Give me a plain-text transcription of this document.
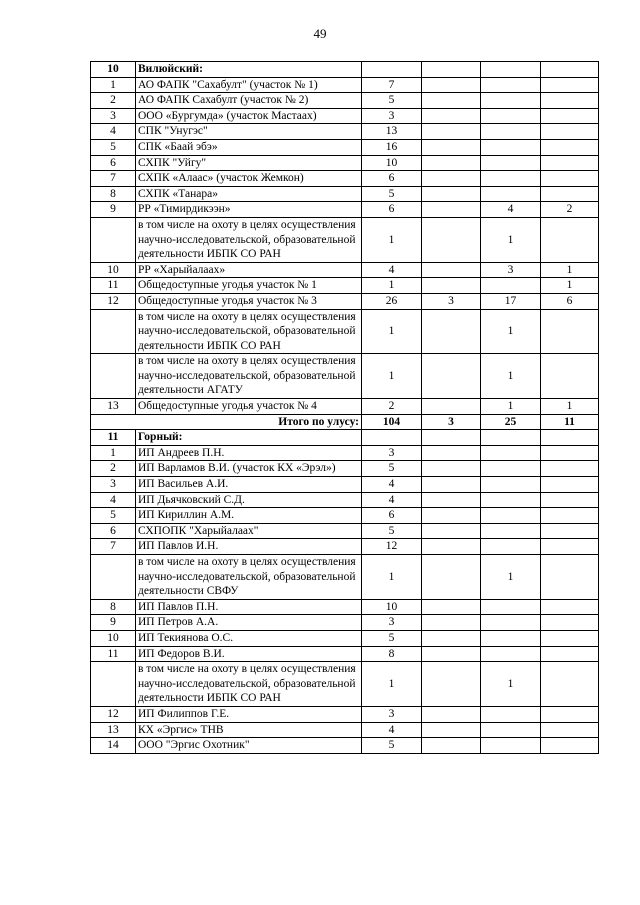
49
10	Вилюйский:				
1	АО ФАПК "Сахабулт" (участок № 1)	7			
2	АО ФАПК Сахабулт (участок № 2)	5			
3	ООО «Бургумда» (участок Мастаах)	3			
4	СПК "Унугэс"	13			
5	СПК «Баай эбэ»	16			
6	СХПК "Уйгу"	10			
7	СХПК «Алаас» (участок Жемкон)	6			
8	СХПК «Танара»	5			
9	РР «Тимирдикээн»	6		4	2
	в том числе на охоту в целях осуществления научно-исследовательской, образовательной деятельности ИБПК СО РАН	1		1	
10	РР «Харыйалаах»	4		3	1
11	Общедоступные угодья участок № 1	1			1
12	Общедоступные угодья участок № 3	26	3	17	6
	в том числе на охоту в целях осуществления научно-исследовательской, образовательной деятельности ИБПК СО РАН	1		1	
	в том числе на охоту в целях осуществления научно-исследовательской, образовательной деятельности АГАТУ	1		1	
13	Общедоступные угодья участок № 4	2		1	1
Итого по улусу:		104	3	25	11
11	Горный:				
1	ИП Андреев П.Н.	3			
2	ИП Варламов В.И. (участок КХ «Эрэл»)	5			
3	ИП Васильев А.И.	4			
4	ИП Дьячковский С.Д.	4			
5	ИП Кириллин А.М.	6			
6	СХПОПК "Харыйалаах"	5			
7	ИП Павлов И.Н.	12			
	в том числе на охоту в целях осуществления научно-исследовательской, образовательной деятельности СВФУ	1		1	
8	ИП Павлов П.Н.	10			
9	ИП Петров А.А.	3			
10	ИП Текиянова О.С.	5			
11	ИП Федоров В.И.	8			
	в том числе на охоту в целях осуществления научно-исследовательской, образовательной деятельности ИБПК СО РАН	1		1	
12	ИП Филиппов Г.Е.	3			
13	КХ «Эргис» ТНВ	4			
14	ООО "Эргис Охотник"	5			
